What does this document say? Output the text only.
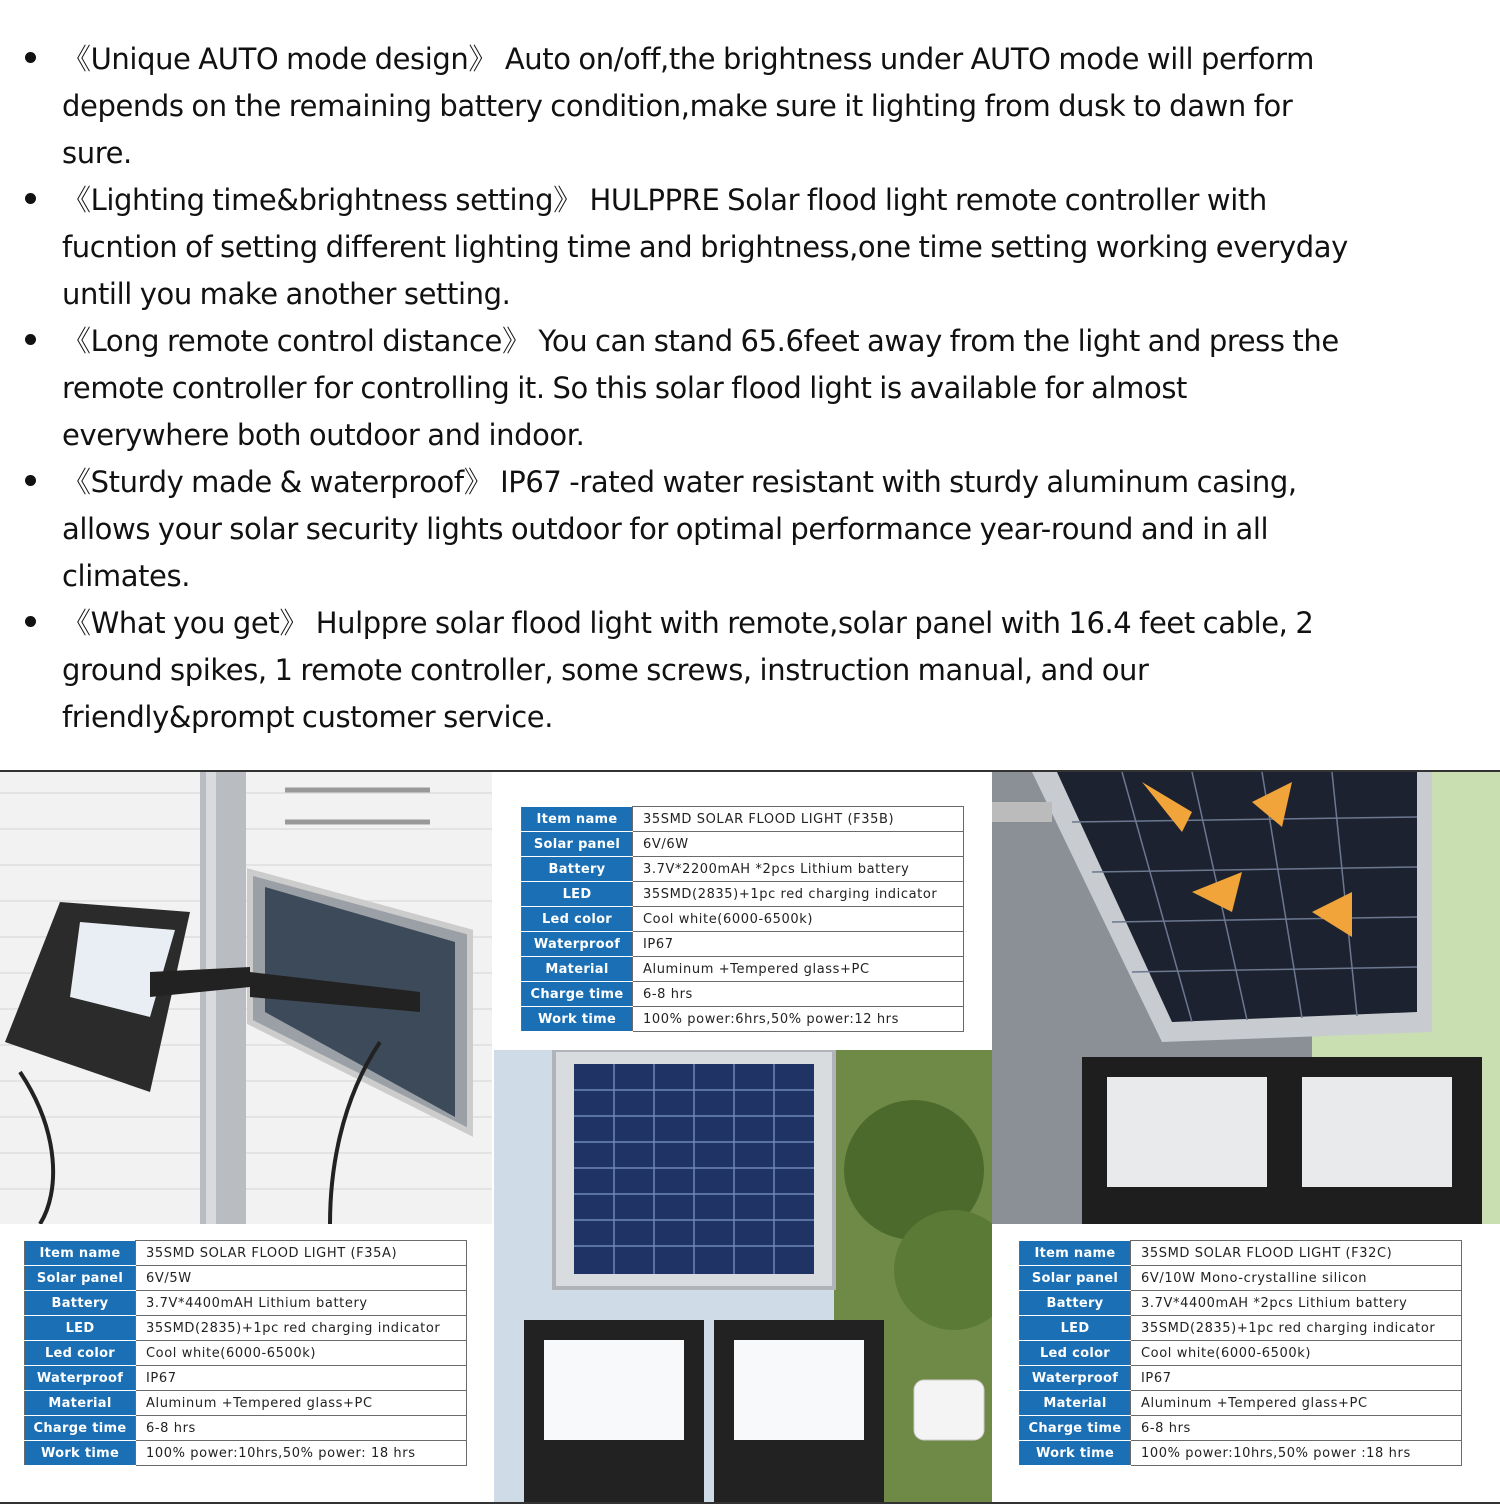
《Unique AUTO mode design》 Auto on/off,the brightness under AUTO mode will perform depends on the remaining battery condition,make sure it lighting from dusk to dawn for sure.
《Lighting time&brightness setting》 HULPPRE Solar flood light remote controller with fucntion of setting different lighting time and brightness,one time setting working everyday untill you make another setting.
《Long remote control distance》 You can stand 65.6feet away from the light and press the remote controller for controlling it. So this solar flood light is available for almost everywhere both outdoor and indoor.
《Sturdy made & waterproof》 IP67 -rated water resistant with sturdy aluminum casing, allows your solar security lights outdoor for optimal performance year-round and in all climates.
《What you get》 Hulppre solar flood light with remote,solar panel with 16.4 feet cable, 2 ground spikes, 1 remote controller, some screws, instruction manual, and our friendly&prompt customer service.
Item name	35SMD SOLAR FLOOD LIGHT (F35B)
Solar panel	6V/6W
Battery	3.7V*2200mAH *2pcs Lithium battery
LED	35SMD(2835)+1pc red charging indicator
Led color	Cool white(6000-6500k)
Waterproof	IP67
Material	Aluminum +Tempered glass+PC
Charge time	6-8 hrs
Work time	100% power:6hrs,50% power:12 hrs
Item name	35SMD SOLAR FLOOD LIGHT (F35A)
Solar panel	6V/5W
Battery	3.7V*4400mAH Lithium battery
LED	35SMD(2835)+1pc red charging indicator
Led color	Cool white(6000-6500k)
Waterproof	IP67
Material	Aluminum +Tempered glass+PC
Charge time	6-8 hrs
Work time	100% power:10hrs,50% power: 18 hrs
Item name	35SMD SOLAR FLOOD LIGHT (F32C)
Solar panel	6V/10W Mono-crystalline silicon
Battery	3.7V*4400mAH *2pcs Lithium battery
LED	35SMD(2835)+1pc red charging indicator
Led color	Cool white(6000-6500k)
Waterproof	IP67
Material	Aluminum +Tempered glass+PC
Charge time	6-8 hrs
Work time	100% power:10hrs,50% power :18 hrs
